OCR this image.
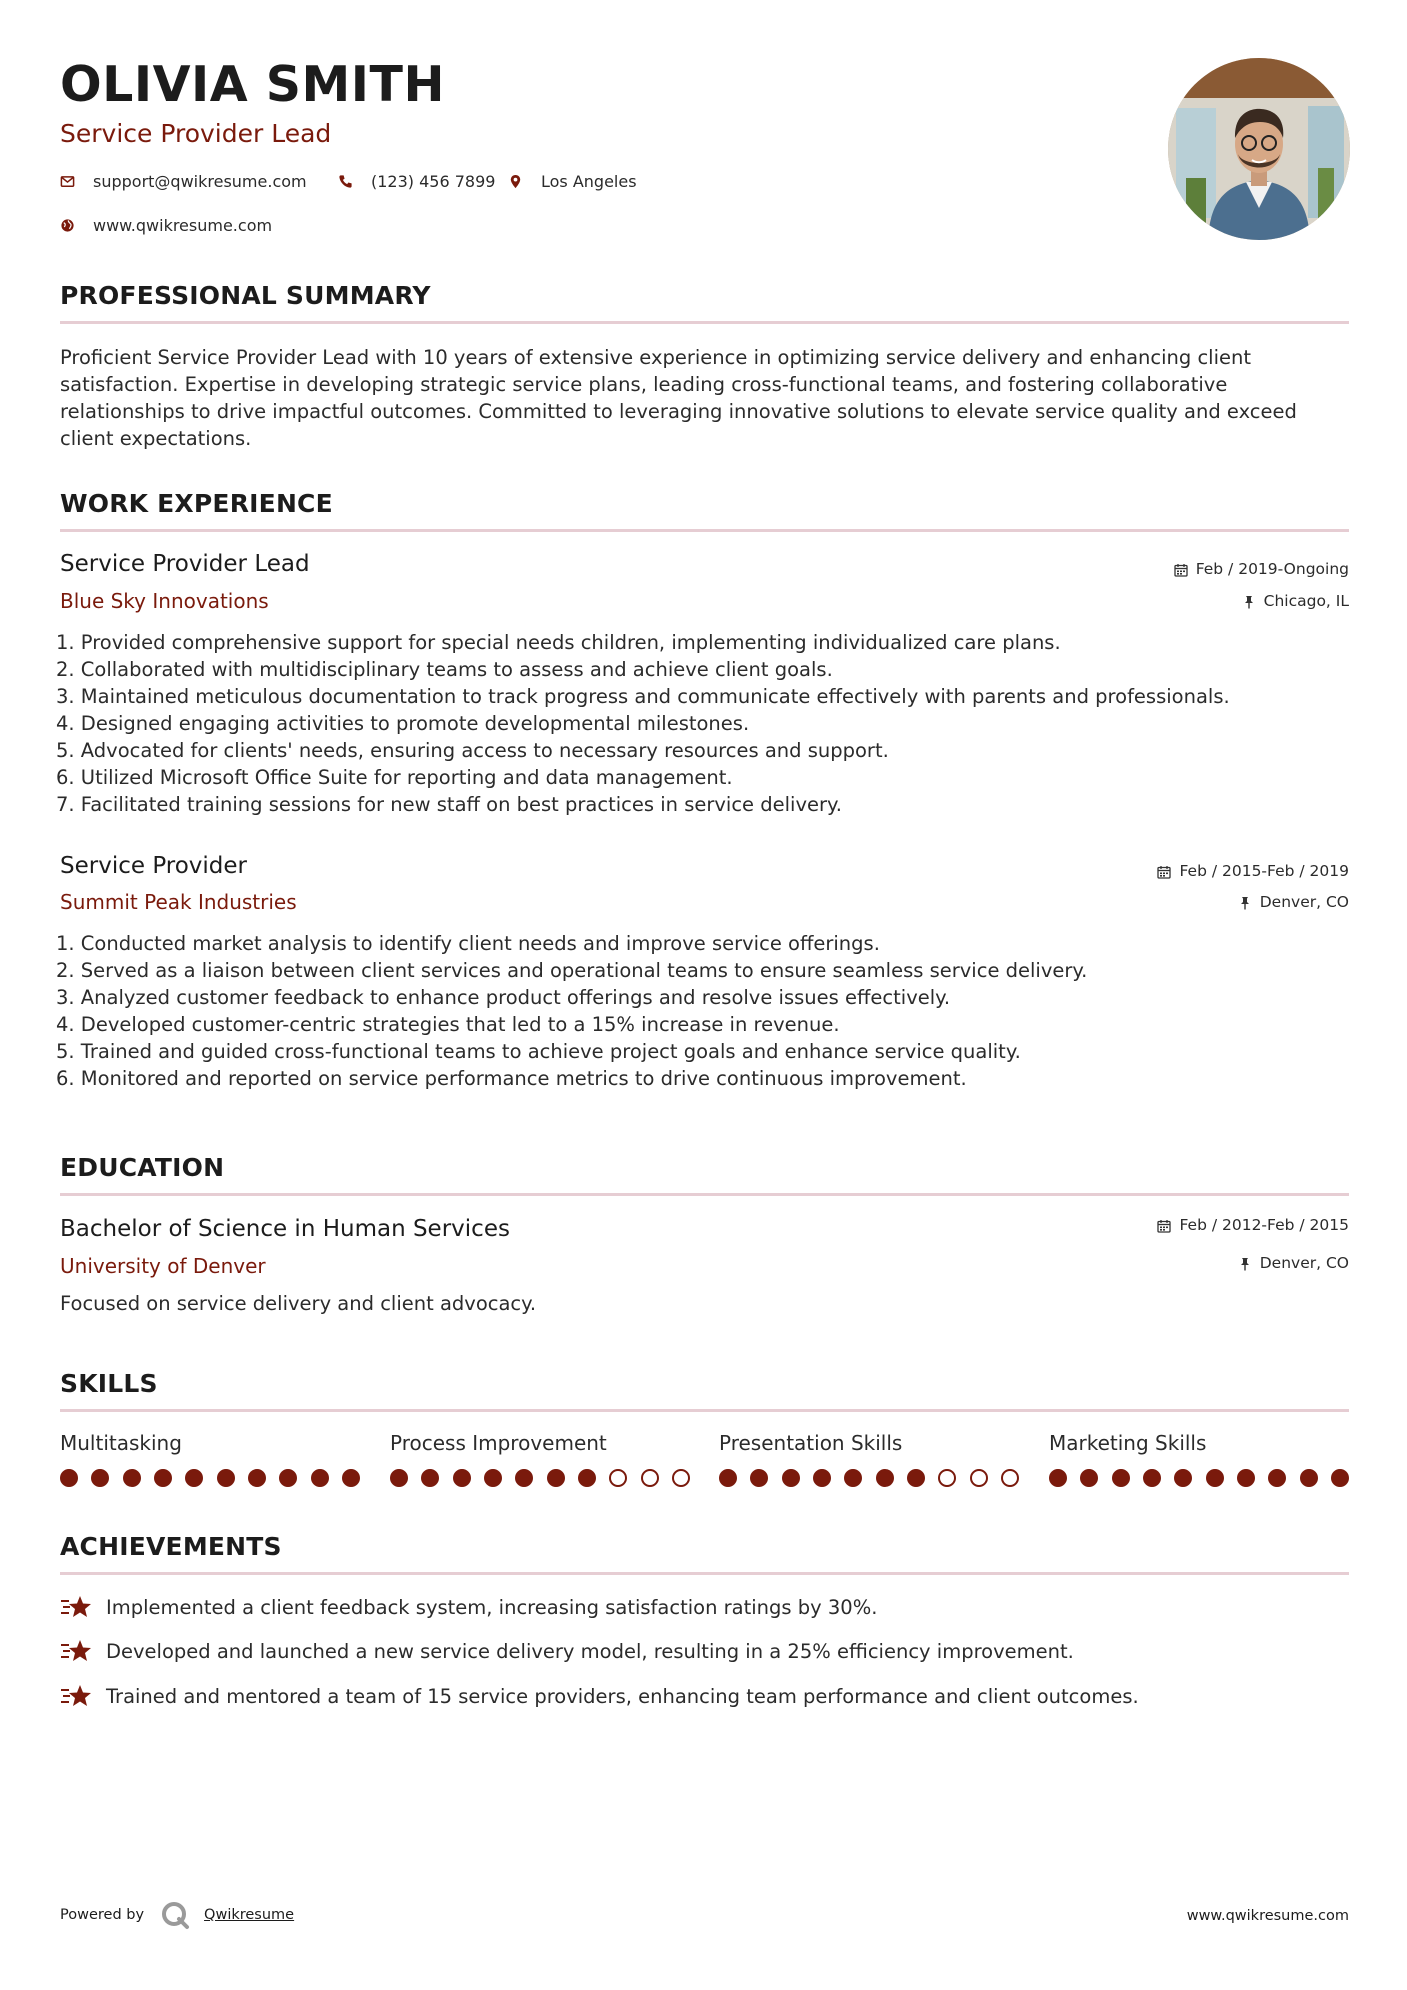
OLIVIA SMITH
Service Provider Lead
support@qwikresume.com	(123) 456 7899	Los Angeles
www.qwikresume.com
PROFESSIONAL SUMMARY
Proficient Service Provider Lead with 10 years of extensive experience in optimizing service delivery and enhancing client satisfaction. Expertise in developing strategic service plans, leading cross-functional teams, and fostering collaborative relationships to drive impactful outcomes. Committed to leveraging innovative solutions to elevate service quality and exceed client expectations.
WORK EXPERIENCE
Service Provider Lead
Blue Sky Innovations
Feb / 2019-Ongoing
Chicago, IL
1. Provided comprehensive support for special needs children, implementing individualized care plans.
2. Collaborated with multidisciplinary teams to assess and achieve client goals.
3. Maintained meticulous documentation to track progress and communicate effectively with parents and professionals.
4. Designed engaging activities to promote developmental milestones.
5. Advocated for clients' needs, ensuring access to necessary resources and support.
6. Utilized Microsoft Office Suite for reporting and data management.
7. Facilitated training sessions for new staff on best practices in service delivery.
Service Provider
Summit Peak Industries
Feb / 2015-Feb / 2019
Denver, CO
1. Conducted market analysis to identify client needs and improve service offerings.
2. Served as a liaison between client services and operational teams to ensure seamless service delivery.
3. Analyzed customer feedback to enhance product offerings and resolve issues effectively.
4. Developed customer-centric strategies that led to a 15% increase in revenue.
5. Trained and guided cross-functional teams to achieve project goals and enhance service quality.
6. Monitored and reported on service performance metrics to drive continuous improvement.
EDUCATION
Bachelor of Science in Human Services
University of Denver
Feb / 2012-Feb / 2015
Denver, CO
Focused on service delivery and client advocacy.
SKILLS
Multitasking	Process Improvement	Presentation Skills	Marketing Skills
ACHIEVEMENTS
Implemented a client feedback system, increasing satisfaction ratings by 30%.
Developed and launched a new service delivery model, resulting in a 25% efficiency improvement.
Trained and mentored a team of 15 service providers, enhancing team performance and client outcomes.
Powered by	Qwikresume	www.qwikresume.com
